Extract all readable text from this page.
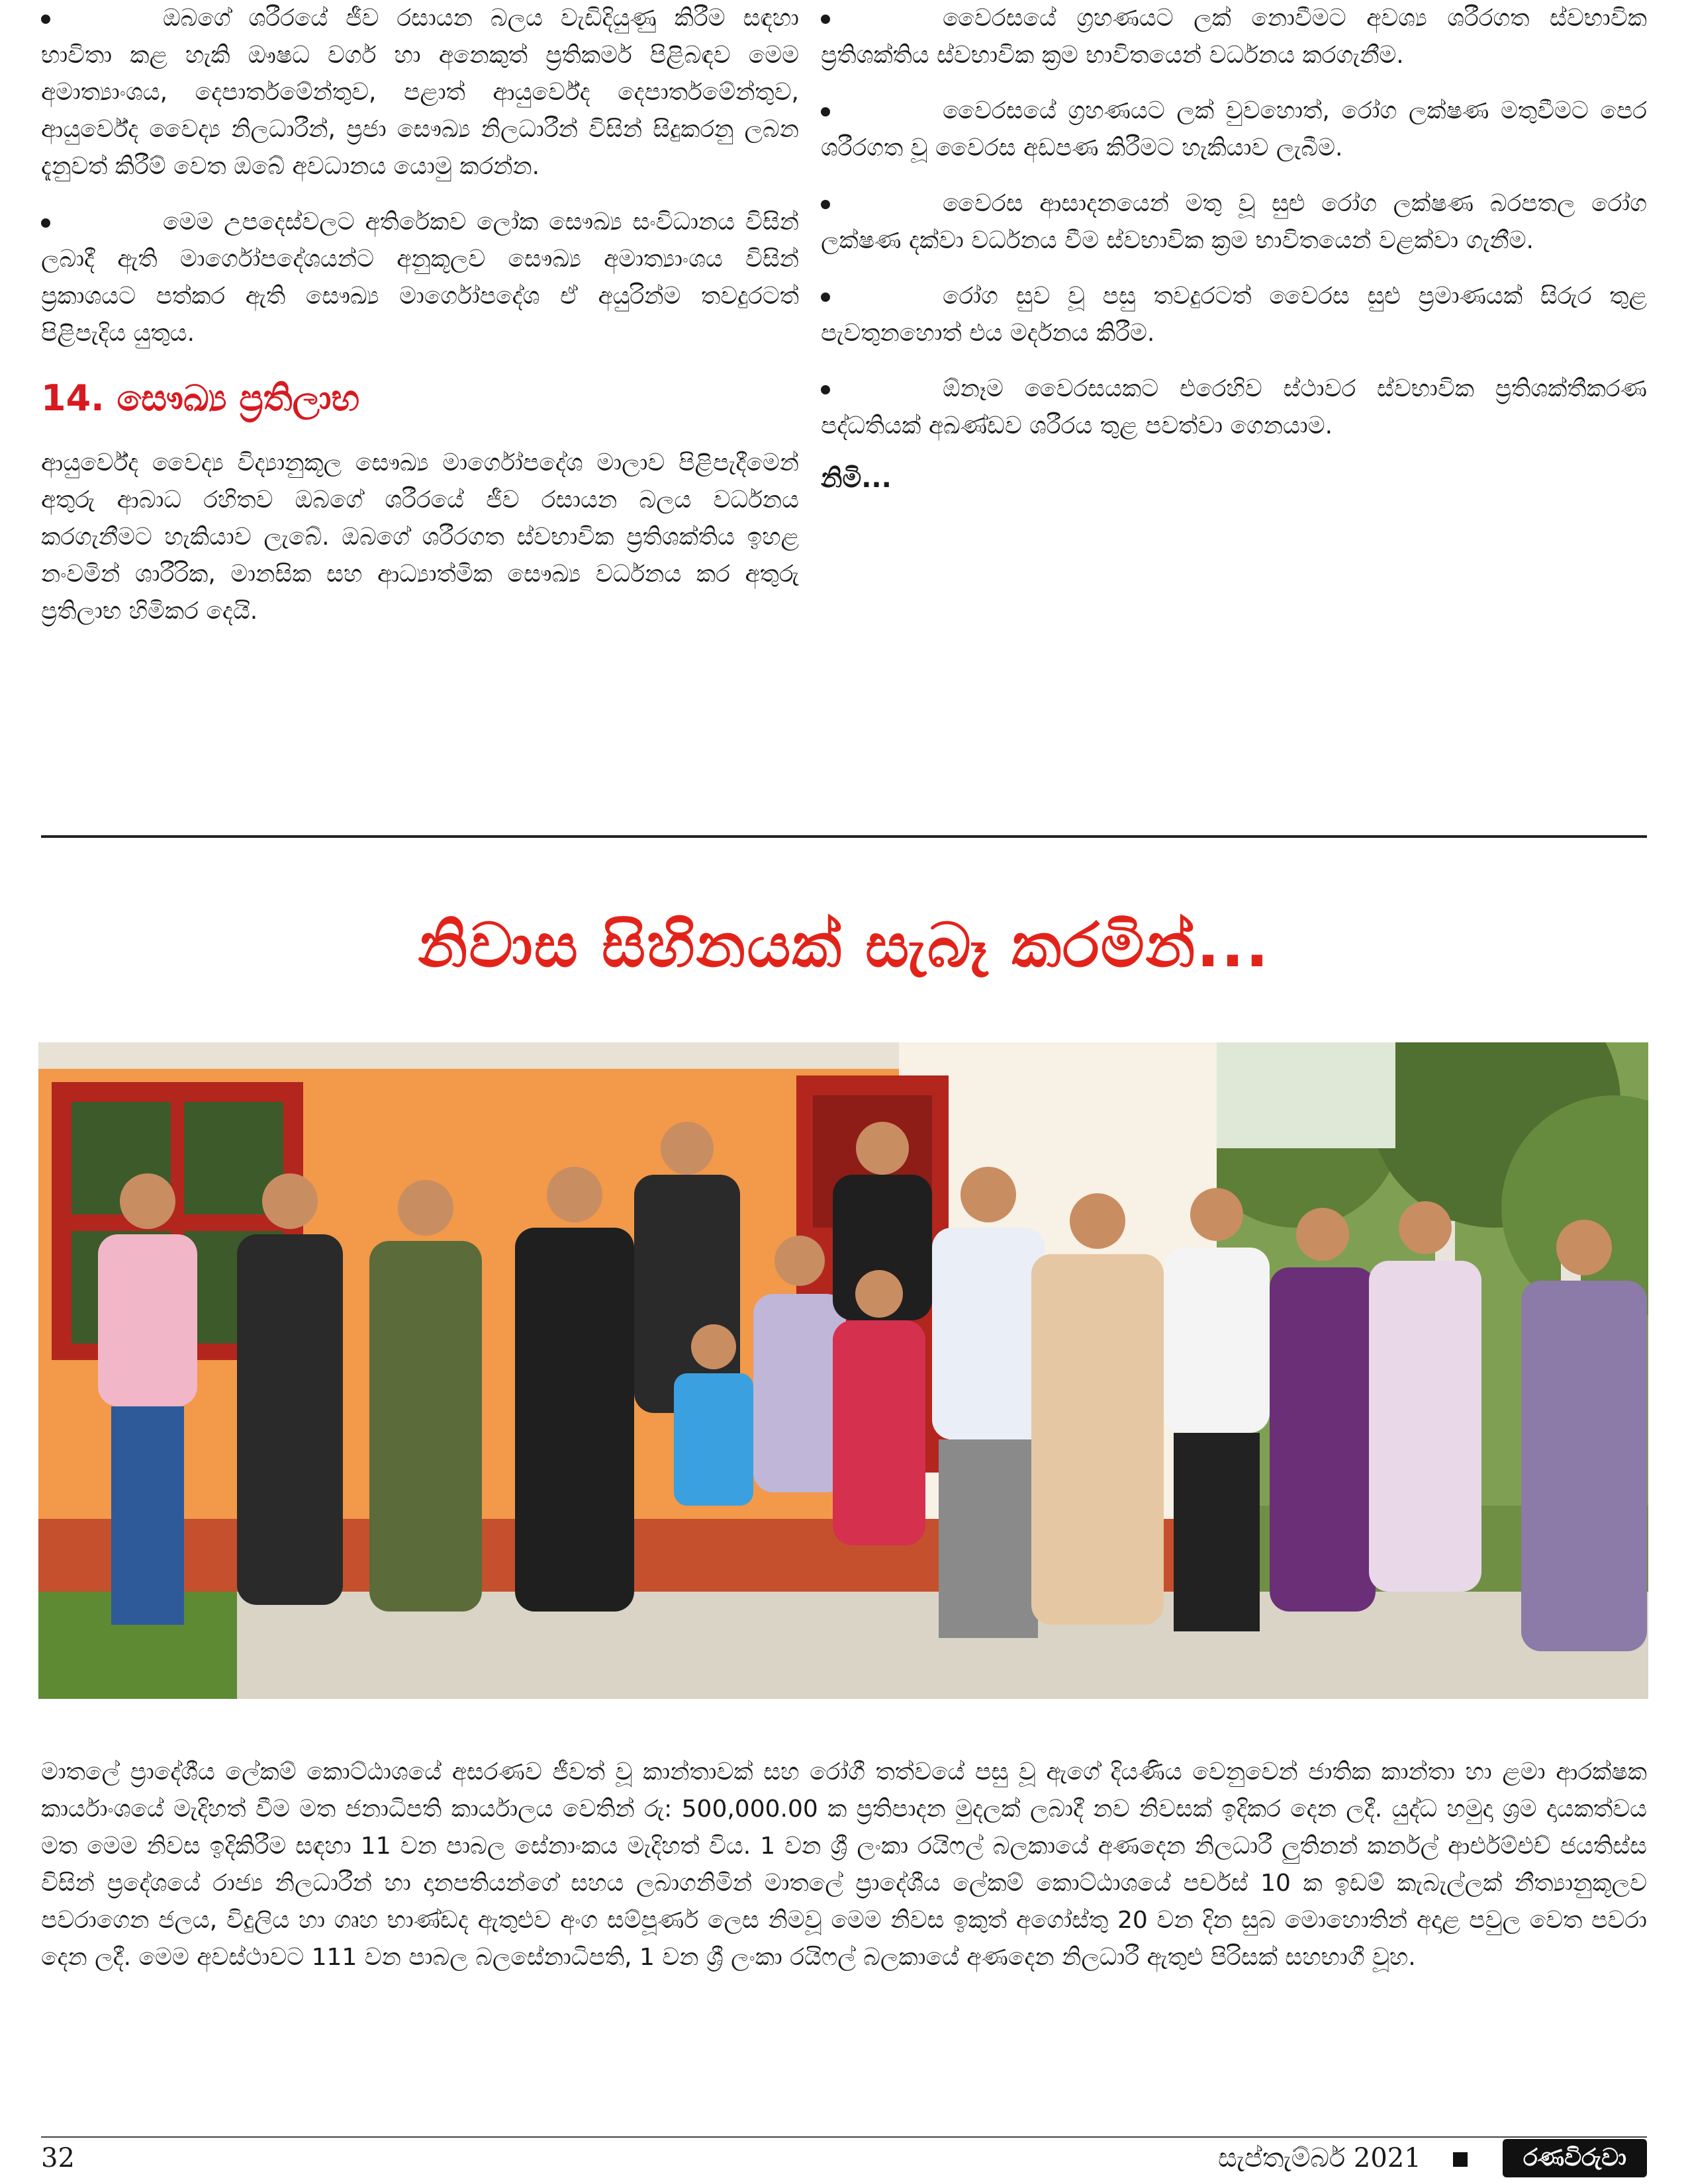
ඔබගේ ශරීරයේ ජීව රසායන බලය වැඩිදියුණු කිරීම සඳහා භාවිතා කළ හැකි ඖෂධ වර්ග හා අනෙකුත් ප්‍රතිකර්ම පිළිබඳව මෙම අමාත්‍යාංශය, දෙපාර්තමේන්තුව, පළාත් ආයුර්වේද දෙපාර්තමේන්තුව, ආයුර්වේද වෛද්‍ය නිලධාරීන්, ප්‍රජා සෞඛ්‍ය නිලධාරීන් විසින් සිදුකරනු ලබන දැනුවත් කිරීම් වෙත ඔබේ අවධානය යොමු කරන්න.

මෙම උපදෙස්වලට අතිරේකව ලෝක සෞඛ්‍ය සංවිධානය විසින් ලබාදී ඇති මාර්ගෝපදේශයන්ට අනුකූලව සෞඛ්‍ය අමාත්‍යාංශය විසින් ප්‍රකාශයට පත්කර ඇති සෞඛ්‍ය මාර්ගෝපදේශ ඒ අයුරින්ම තවදුරටත් පිළිපැදිය යුතුය.

14. සෞඛ්‍ය ප්‍රතිලාභ

ආයුර්වේද වෛද්‍ය විද්‍යානුකූල සෞඛ්‍ය මාර්ගෝපදේශ මාලාව පිළිපැදීමෙන් අතුරු ආබාධ රහිතව ඔබගේ ශරීරයේ ජීව රසායන බලය වර්ධනය කරගැනීමට හැකියාව ලැබේ. ඔබගේ ශරීරගත ස්වභාවික ප්‍රතිශක්තිය ඉහළ නංවමින් ශාරීරික, මානසික සහ ආධ්‍යාත්මික සෞඛ්‍ය වර්ධනය කර අතුරු ප්‍රතිලාභ හිමිකර දෙයි.

වෛරසයේ ග්‍රහණයට ලක් නොවීමට අවශ්‍ය ශරීරගත ස්වභාවික ප්‍රතිශක්තිය ස්වභාවික ක්‍රම භාවිතයෙන් වර්ධනය කරගැනීම.

වෛරසයේ ග්‍රහණයට ලක් වුවහොත්, රෝග ලක්ෂණ මතුවීමට පෙර ශරීරගත වූ වෛරස අඩපණ කිරීමට හැකියාව ලැබීම.

වෛරස ආසාදනයෙන් මතු වූ සුළු රෝග ලක්ෂණ බරපතල රෝග ලක්ෂණ දක්වා වර්ධනය වීම ස්වභාවික ක්‍රම භාවිතයෙන් වළක්වා ගැනීම.

රෝග සුව වූ පසු තවදුරටත් වෛරස සුළු ප්‍රමාණයක් සිරුර තුළ පැවතුනහොත් එය මර්දනය කිරීම.

ඕනෑම වෛරසයකට එරෙහිව ස්ථාවර ස්වභාවික ප්‍රතිශක්තීකරණ පද්ධතියක් අඛණ්ඩව ශරීරය තුළ පවත්වා ගෙනයාම.

නිමි...
නිවාස සිහිනයක් සැබෑ කරමින්...

මාතලේ ප්‍රාදේශීය ලේකම් කොට්ඨාශයේ අසරණව ජීවත් වූ කාන්තාවක් සහ රෝගී තත්වයේ පසු වූ ඇගේ දියණිය වෙනුවෙන් ජාතික කාන්තා හා ළමා ආරක්ෂක කාර්යාංශයේ මැදිහත් වීම මත ජනාධිපති කාර්යාලය වෙතින් රු: 500,000.00 ක ප්‍රතිපාදන මුදලක් ලබාදී නව නිවසක් ඉදිකර දෙන ලදී. යුද්ධ හමුදා ශ්‍රම දායකත්වය මත මෙම නිවස ඉදිකිරීම සඳහා 11 වන පාබල සේනාංකය මැදිහත් විය. 1 වන ශ්‍රී ලංකා රයිෆල් බලකායේ අණදෙන නිලධාරී ලුතිනන් කර්නල් ආර්එම්එච් ජයතිස්ස විසින් ප්‍රදේශයේ රාජ්‍ය නිලධාරීන් හා දානපතියන්ගේ සහය ලබාගනිමින් මාතලේ ප්‍රාදේශීය ලේකම් කොට්ඨාශයේ පර්චස් 10 ක ඉඩම් කැබැල්ලක් නීත්‍යානුකූලව පවරාගෙන ජලය, විදුලිය හා ගෘහ භාණ්ඩද ඇතුළුව අංග සම්පූර්ණ ලෙස නිමවූ මෙම නිවස ඉකුත් අගෝස්තු 20 වන දින සුබ මොහොතින් අදාළ පවුල වෙත පවරා දෙන ලදී. මෙම අවස්ථාවට 111 වන පාබල බලසේනාධිපති, 1 වන ශ්‍රී ලංකා රයිෆල් බලකායේ අණදෙන නිලධාරී ඇතුළු පිරිසක් සහභාගී වූහ.

32	සැප්තැම්බර් 2021	රණවිරුවා
